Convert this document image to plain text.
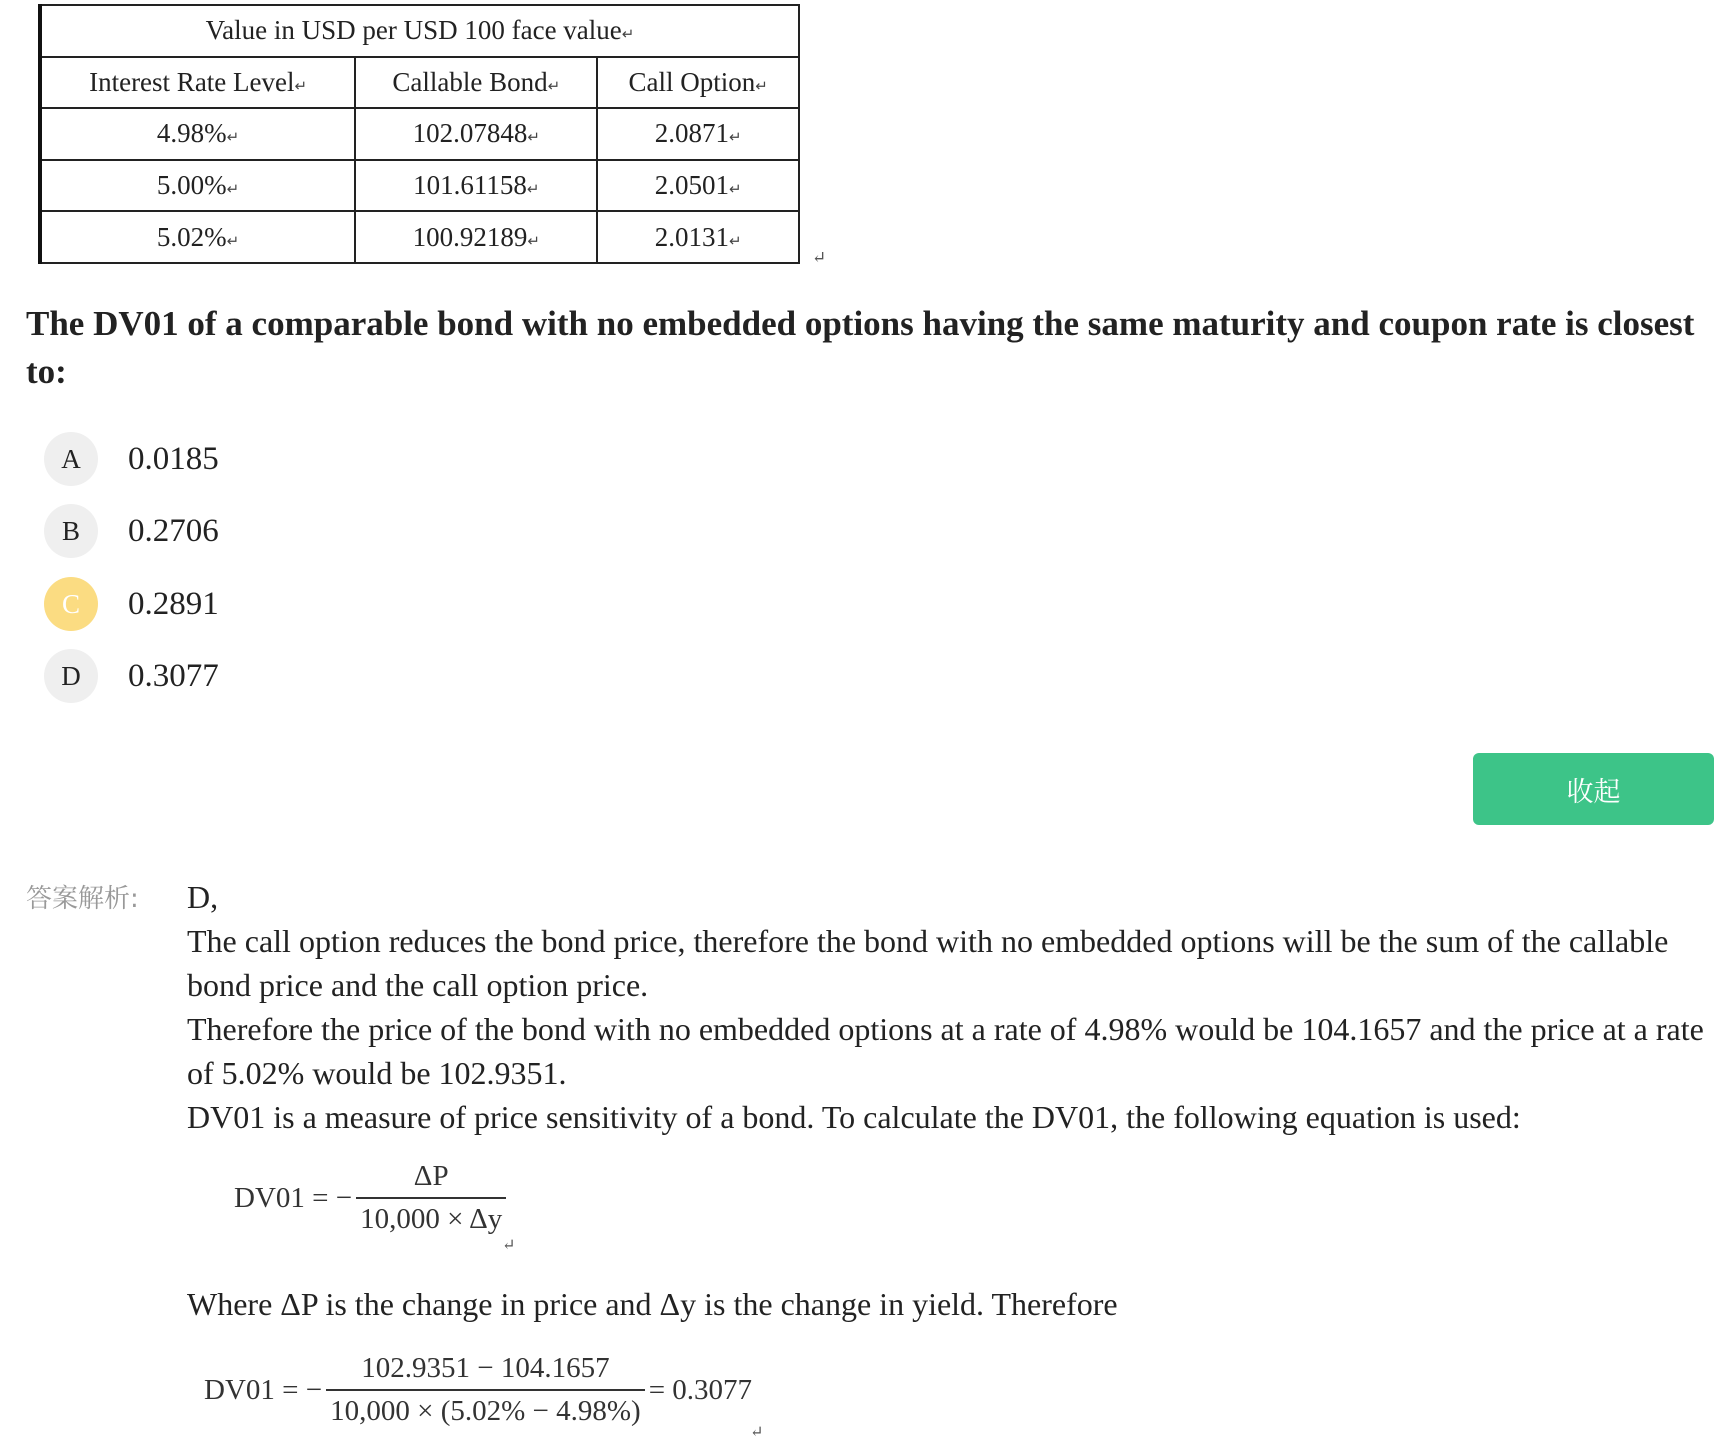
Value in USD per USD 100 face value↵		
Interest Rate Level↵	Callable Bond↵	Call Option↵
4.98%↵	102.07848↵	2.0871↵
5.00%↵	101.61158↵	2.0501↵
5.02%↵	100.92189↵	2.0131↵
↵

The DV01 of a comparable bond with no embedded options having the same maturity and coupon rate is closest to:

A	0.0185
B	0.2706
C	0.2891
D	0.3077
收起
答案解析: D,

The call option reduces the bond price, therefore the bond with no embedded options will be the sum of the callable bond price and the call option price.

Therefore the price of the bond with no embedded options at a rate of 4.98% would be 104.1657 and the price at a rate of 5.02% would be 102.9351.

DV01 is a measure of price sensitivity of a bond. To calculate the DV01, the following equation is used:

DV01 = − $\frac{\Delta P}{10,000 \times \Delta y}$
↵

Where ΔP is the change in price and Δy is the change in yield. Therefore

DV01 = − $\frac{102.9351 - 104.1657}{10,000 \times (5.02\% - 4.98\%)} = 0.3077$
↵
